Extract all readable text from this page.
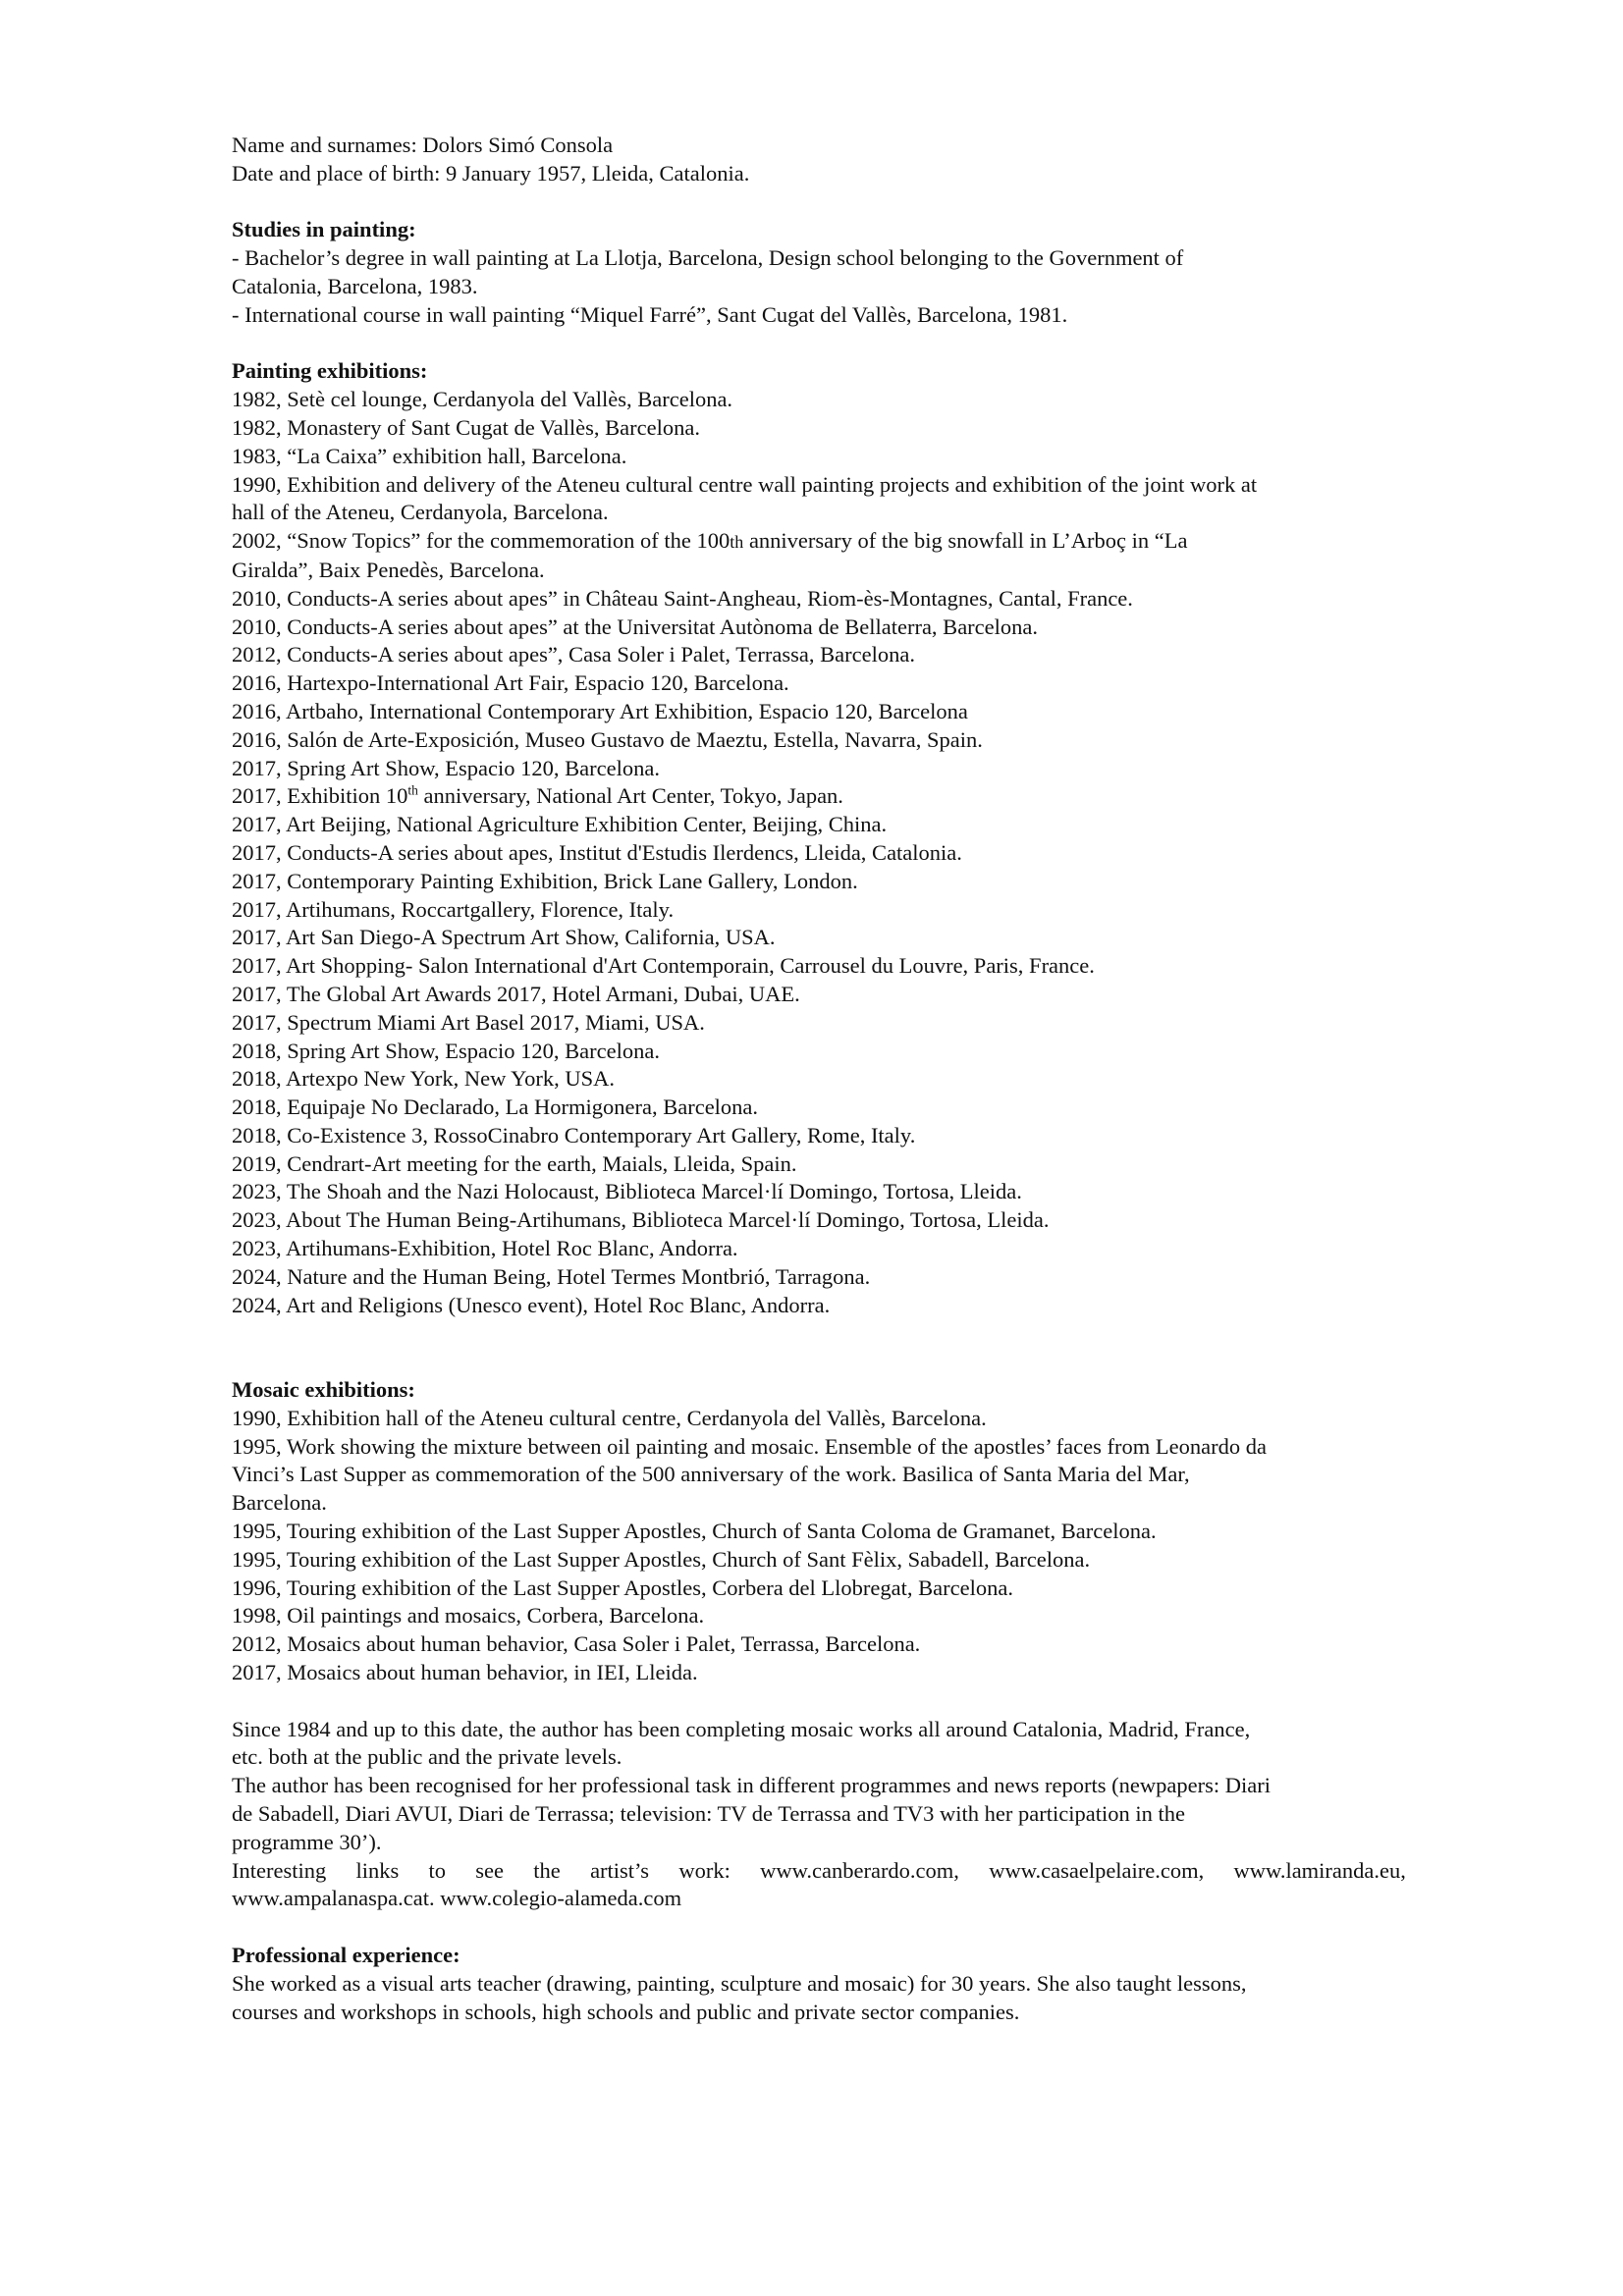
Name and surnames: Dolors Simó Consola
Date and place of birth: 9 January 1957, Lleida, Catalonia.
Studies in painting:
- Bachelor’s degree in wall painting at La Llotja, Barcelona, Design school belonging to the Government of
Catalonia, Barcelona, 1983.
- International course in wall painting “Miquel Farré”, Sant Cugat del Vallès, Barcelona, 1981.
Painting exhibitions:
1982, Setè cel lounge, Cerdanyola del Vallès, Barcelona.
1982, Monastery of Sant Cugat de Vallès, Barcelona.
1983, “La Caixa” exhibition hall, Barcelona.
1990, Exhibition and delivery of the Ateneu cultural centre wall painting projects and exhibition of the joint work at
hall of the Ateneu, Cerdanyola, Barcelona.
2002, “Snow Topics” for the commemoration of the 100th anniversary of the big snowfall in L’Arboç in “La
Giralda”, Baix Penedès, Barcelona.
2010, Conducts-A series about apes” in Château Saint-Angheau, Riom-ès-Montagnes, Cantal, France.
2010, Conducts-A series about apes” at the Universitat Autònoma de Bellaterra, Barcelona.
2012, Conducts-A series about apes”, Casa Soler i Palet, Terrassa, Barcelona.
2016, Hartexpo-International Art Fair, Espacio 120, Barcelona.
2016, Artbaho, International Contemporary Art Exhibition, Espacio 120, Barcelona
2016, Salón de Arte-Exposición, Museo Gustavo de Maeztu, Estella, Navarra, Spain.
2017, Spring Art Show, Espacio 120, Barcelona.
2017, Exhibition 10th anniversary, National Art Center, Tokyo, Japan.
2017, Art Beijing, National Agriculture Exhibition Center, Beijing, China.
2017, Conducts-A series about apes, Institut d'Estudis Ilerdencs, Lleida, Catalonia.
2017, Contemporary Painting Exhibition, Brick Lane Gallery, London.
2017, Artihumans, Roccartgallery, Florence, Italy.
2017, Art San Diego-A Spectrum Art Show, California, USA.
2017, Art Shopping- Salon International d'Art Contemporain, Carrousel du Louvre, Paris, France.
2017, The Global Art Awards 2017, Hotel Armani, Dubai, UAE.
2017, Spectrum Miami Art Basel 2017, Miami, USA.
2018, Spring Art Show, Espacio 120, Barcelona.
2018, Artexpo New York, New York, USA.
2018, Equipaje No Declarado, La Hormigonera, Barcelona.
2018, Co-Existence 3, RossoCinabro Contemporary Art Gallery, Rome, Italy.
2019, Cendrart-Art meeting for the earth, Maials, Lleida, Spain.
2023, The Shoah and the Nazi Holocaust, Biblioteca Marcel·lí Domingo, Tortosa, Lleida.
2023, About The Human Being-Artihumans, Biblioteca Marcel·lí Domingo, Tortosa, Lleida.
2023, Artihumans-Exhibition, Hotel Roc Blanc, Andorra.
2024, Nature and the Human Being, Hotel Termes Montbrió, Tarragona.
2024, Art and Religions (Unesco event), Hotel Roc Blanc, Andorra.
Mosaic exhibitions:
1990, Exhibition hall of the Ateneu cultural centre, Cerdanyola del Vallès, Barcelona.
1995, Work showing the mixture between oil painting and mosaic. Ensemble of the apostles’ faces from Leonardo da
Vinci’s Last Supper as commemoration of the 500 anniversary of the work. Basilica of Santa Maria del Mar,
Barcelona.
1995, Touring exhibition of the Last Supper Apostles, Church of Santa Coloma de Gramanet, Barcelona.
1995, Touring exhibition of the Last Supper Apostles, Church of Sant Fèlix, Sabadell, Barcelona.
1996, Touring exhibition of the Last Supper Apostles, Corbera del Llobregat, Barcelona.
1998, Oil paintings and mosaics, Corbera, Barcelona.
2012, Mosaics about human behavior, Casa Soler i Palet, Terrassa, Barcelona.
2017, Mosaics about human behavior, in IEI, Lleida.
Since 1984 and up to this date, the author has been completing mosaic works all around Catalonia, Madrid, France,
etc. both at the public and the private levels.
The author has been recognised for her professional task in different programmes and news reports (newpapers: Diari
de Sabadell, Diari AVUI, Diari de Terrassa; television: TV de Terrassa and TV3 with her participation in the
programme 30’).
Interesting links to see the artist’s work: www.canberardo.com, www.casaelpelaire.com, www.lamiranda.eu,
www.ampalanaspa.cat. www.colegio-alameda.com
Professional experience:
She worked as a visual arts teacher (drawing, painting, sculpture and mosaic) for 30 years. She also taught lessons,
courses and workshops in schools, high schools and public and private sector companies.
